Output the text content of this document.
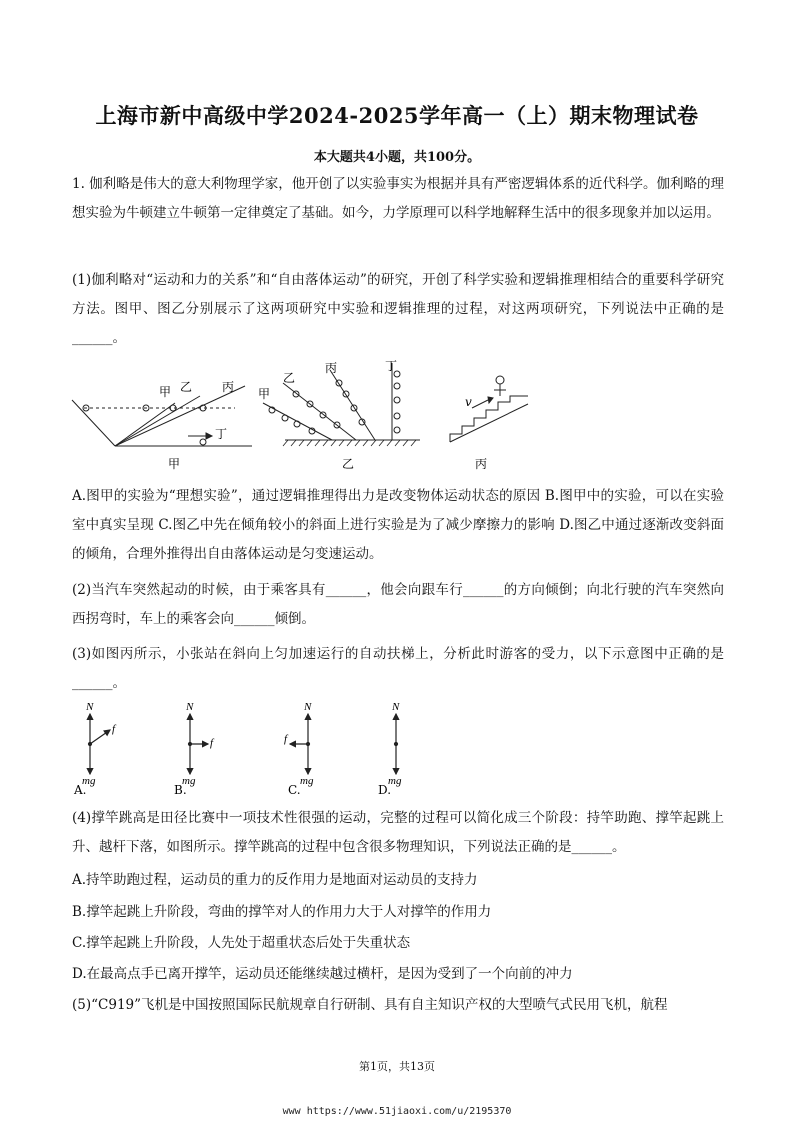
上海市新中高级中学2024-2025学年高一（上）期末物理试卷
本大题共4小题，共100分。
1. 伽利略是伟大的意大利物理学家，他开创了以实验事实为根据并具有严密逻辑体系的近代科学。伽利略的理想实验为牛顿建立牛顿第一定律奠定了基础。如今，力学原理可以科学地解释生活中的很多现象并加以运用。
(1)伽利略对“运动和力的关系”和“自由落体运动”的研究，开创了科学实验和逻辑推理相结合的重要科学研究方法。图甲、图乙分别展示了这两项研究中实验和逻辑推理的过程，对这两项研究，下列说法中正确的是______。
甲 乙 丙
丁
甲
乙
丙	丁
v
甲	乙	丙
A.图甲的实验为“理想实验”，通过逻辑推理得出力是改变物体运动状态的原因 B.图甲中的实验，可以在实验室中真实呈现 C.图乙中先在倾角较小的斜面上进行实验是为了减少摩擦力的影响 D.图乙中通过逐渐改变斜面的倾角，合理外推得出自由落体运动是匀变速运动。
(2)当汽车突然起动的时候，由于乘客具有______，他会向跟车行______的方向倾倒；向北行驶的汽车突然向西拐弯时，车上的乘客会向______倾倒。
(3)如图丙所示，小张站在斜向上匀加速运行的自动扶梯上，分析此时游客的受力，以下示意图中正确的是______。
N
f
mg
N
f
mg
N
f
mg
N
mg
A.	B.	C.	D.
(4)撑竿跳高是田径比赛中一项技术性很强的运动，完整的过程可以简化成三个阶段：持竿助跑、撑竿起跳上升、越杆下落，如图所示。撑竿跳高的过程中包含很多物理知识，下列说法正确的是______。
A.持竿助跑过程，运动员的重力的反作用力是地面对运动员的支持力
B.撑竿起跳上升阶段，弯曲的撑竿对人的作用力大于人对撑竿的作用力
C.撑竿起跳上升阶段，人先处于超重状态后处于失重状态
D.在最高点手已离开撑竿，运动员还能继续越过横杆，是因为受到了一个向前的冲力
(5)“C919”飞机是中国按照国际民航规章自行研制、具有自主知识产权的大型喷气式民用飞机，航程
第1页，共13页
www https://www.51jiaoxi.com/u/2195370
